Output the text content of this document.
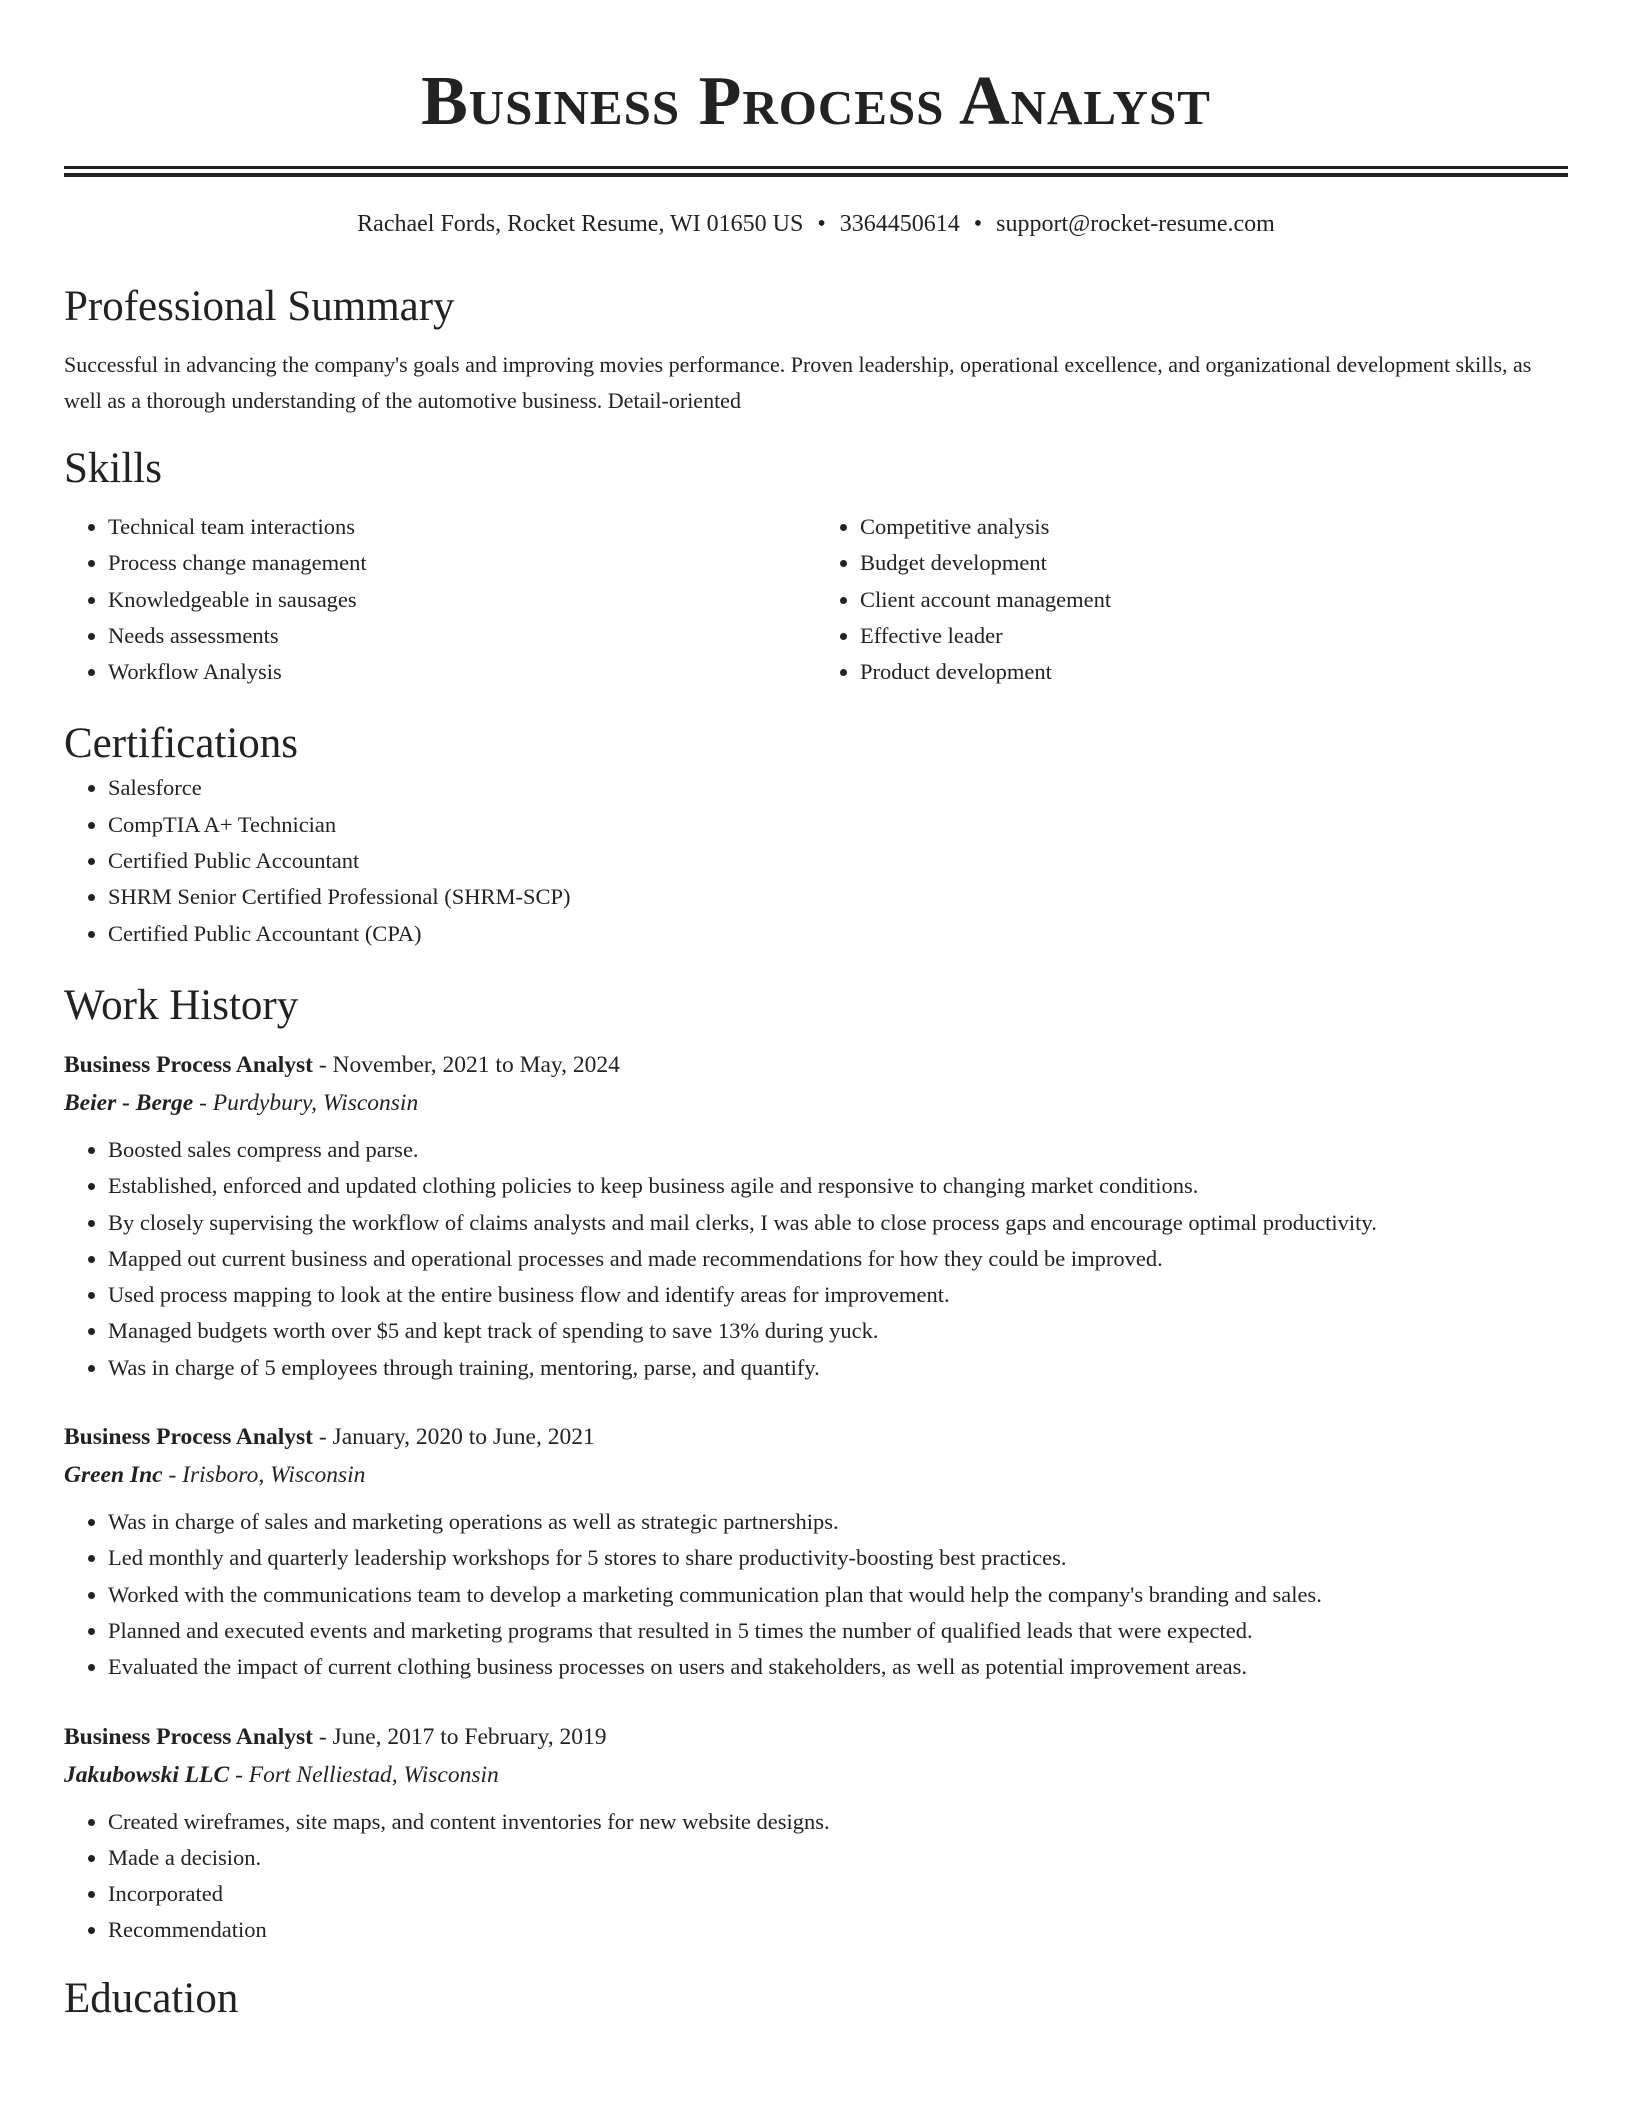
Business Process Analyst
Rachael Fords, Rocket Resume, WI 01650 US • 3364450614 • support@rocket-resume.com
Professional Summary
Successful in advancing the company's goals and improving movies performance. Proven leadership, operational excellence, and organizational development skills, as well as a thorough understanding of the automotive business. Detail-oriented
Skills
• Technical team interactions
• Process change management
• Knowledgeable in sausages
• Needs assessments
• Workflow Analysis
• Competitive analysis
• Budget development
• Client account management
• Effective leader
• Product development
Certifications
• Salesforce
• CompTIA A+ Technician
• Certified Public Accountant
• SHRM Senior Certified Professional (SHRM-SCP)
• Certified Public Accountant (CPA)
Work History
Business Process Analyst - November, 2021 to May, 2024
Beier - Berge - Purdybury, Wisconsin
• Boosted sales compress and parse.
• Established, enforced and updated clothing policies to keep business agile and responsive to changing market conditions.
• By closely supervising the workflow of claims analysts and mail clerks, I was able to close process gaps and encourage optimal productivity.
• Mapped out current business and operational processes and made recommendations for how they could be improved.
• Used process mapping to look at the entire business flow and identify areas for improvement.
• Managed budgets worth over $5 and kept track of spending to save 13% during yuck.
• Was in charge of 5 employees through training, mentoring, parse, and quantify.
Business Process Analyst - January, 2020 to June, 2021
Green Inc - Irisboro, Wisconsin
• Was in charge of sales and marketing operations as well as strategic partnerships.
• Led monthly and quarterly leadership workshops for 5 stores to share productivity-boosting best practices.
• Worked with the communications team to develop a marketing communication plan that would help the company's branding and sales.
• Planned and executed events and marketing programs that resulted in 5 times the number of qualified leads that were expected.
• Evaluated the impact of current clothing business processes on users and stakeholders, as well as potential improvement areas.
Business Process Analyst - June, 2017 to February, 2019
Jakubowski LLC - Fort Nelliestad, Wisconsin
• Created wireframes, site maps, and content inventories for new website designs.
• Made a decision.
• Incorporated
• Recommendation
Education
